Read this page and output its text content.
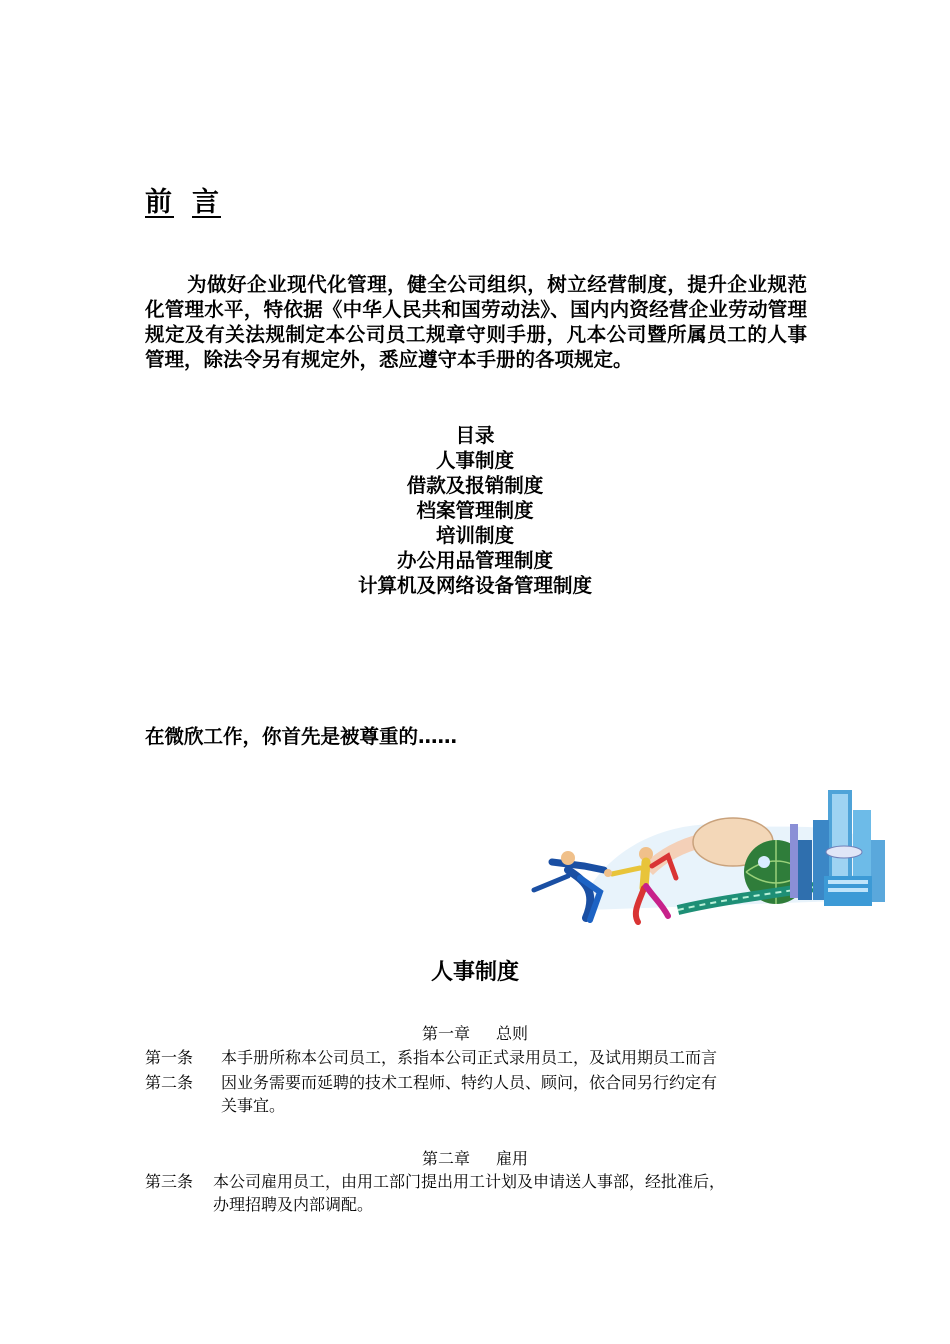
前 言
为做好企业现代化管理，健全公司组织，树立经营制度，提升企业规范化管理水平，特依据《中华人民共和国劳动法》、国内内资经营企业劳动管理规定及有关法规制定本公司员工规章守则手册，凡本公司暨所属员工的人事管理，除法令另有规定外，悉应遵守本手册的各项规定。
目录
人事制度
借款及报销制度
档案管理制度
培训制度
办公用品管理制度
计算机及网络设备管理制度
在微欣工作，你首先是被尊重的……
人事制度
第一章 总则
第一条 本手册所称本公司员工，系指本公司正式录用员工，及试用期员工而言
第二条 因业务需要而延聘的技术工程师、特约人员、顾问，依合同另行约定有
关事宜。
第二章 雇用
第三条 本公司雇用员工，由用工部门提出用工计划及申请送人事部，经批准后，
办理招聘及内部调配。
